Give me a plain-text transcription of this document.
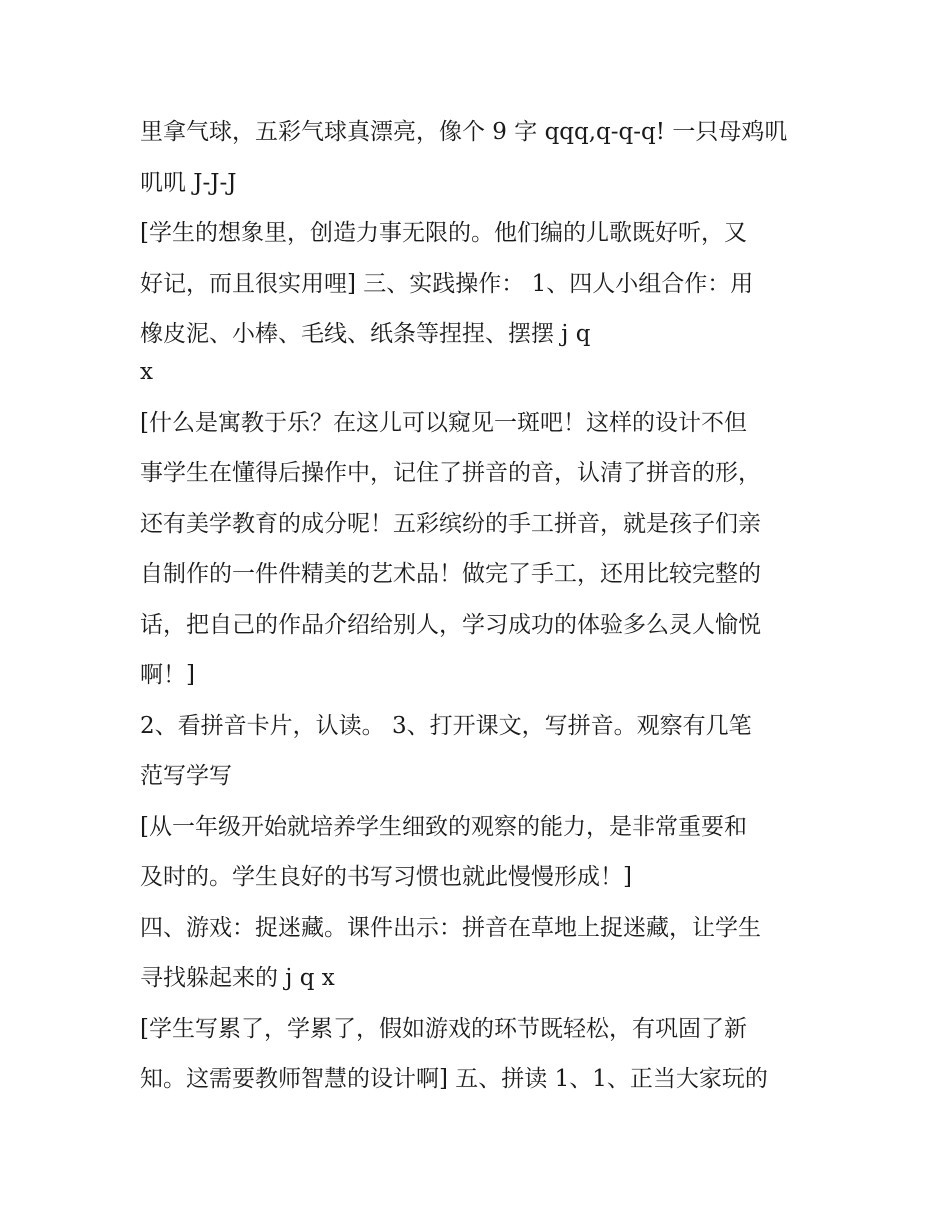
里拿气球，五彩气球真漂亮，像个 9 字 qqq,q-q-q! 一只母鸡叽
叽叽 J-J-J
[学生的想象里，创造力事无限的。他们编的儿歌既好听，又
好记，而且很实用哩] 三、实践操作： 1、四人小组合作：用
橡皮泥、小棒、毛线、纸条等捏捏、摆摆 j q
x
[什么是寓教于乐？在这儿可以窥见一斑吧！这样的设计不但
事学生在懂得后操作中，记住了拼音的音，认清了拼音的形，
还有美学教育的成分呢！五彩缤纷的手工拼音，就是孩子们亲
自制作的一件件精美的艺术品！做完了手工，还用比较完整的
话，把自己的作品介绍给别人，学习成功的体验多么灵人愉悦
啊！]
2、看拼音卡片，认读。 3、打开课文，写拼音。观察有几笔
范写学写
[从一年级开始就培养学生细致的观察的能力，是非常重要和
及时的。学生良好的书写习惯也就此慢慢形成！]
四、游戏：捉迷藏。课件出示：拼音在草地上捉迷藏，让学生
寻找躲起来的 j q x
[学生写累了，学累了，假如游戏的环节既轻松，有巩固了新
知。这需要教师智慧的设计啊] 五、拼读 1、1、正当大家玩的
